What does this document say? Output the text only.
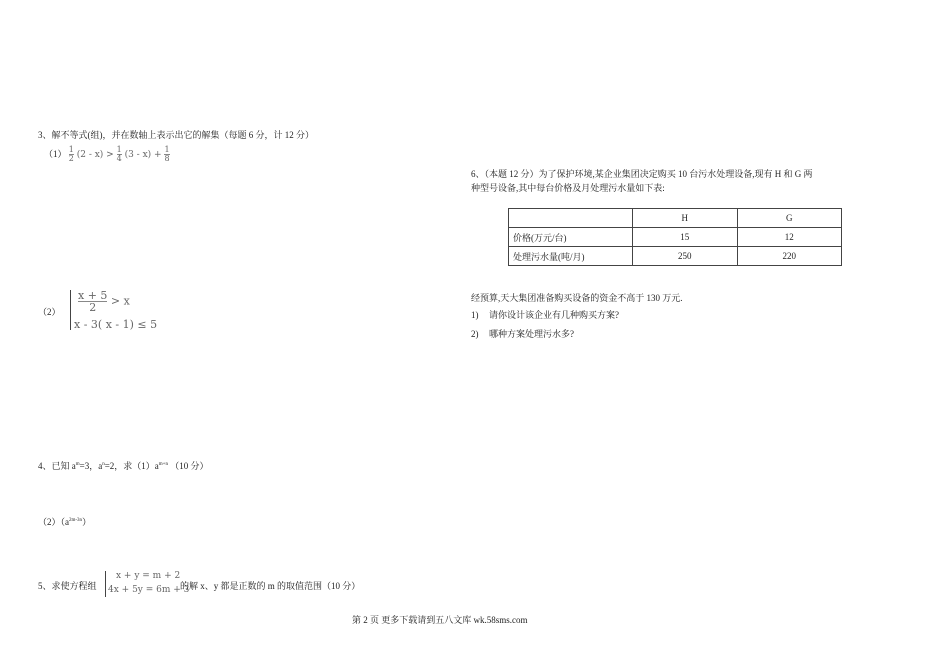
3、解不等式(组)，并在数轴上表示出它的解集（每题 6 分，计 12 分）
$(1) \frac{1}{2} (2 - x) > \frac{1}{4} (3 - x) + \frac{1}{8}$
$(2) \frac{x + 5}{2} > x$
x - 3( x - 1) ≤ 5
4、已知 $a^m=3$，$a^n=2$，求$(1)a^{m+n}$ （10 分）
$(2)(a^{2m-3n})$
5、求使方程组
x + y = m + 2
4x + 5y = 6m + 3
的解 x、y 都是正数的 m 的取值范围（10 分）
6、（本题 12 分）为了保护环境,某企业集团决定购买 10 台污水处理设备,现有 H 和 G 两
种型号设备,其中每台价格及月处理污水量如下表:
	H	G
价格(万元/台)	15	12
处理污水量(吨/月)	250	220
经预算,天大集团准备购买设备的资金不高于 130 万元.
1) 请你设计该企业有几种购买方案?
2) 哪种方案处理污水多?
第 2 页 更多下载请到五八文库 wk.58sms.com
